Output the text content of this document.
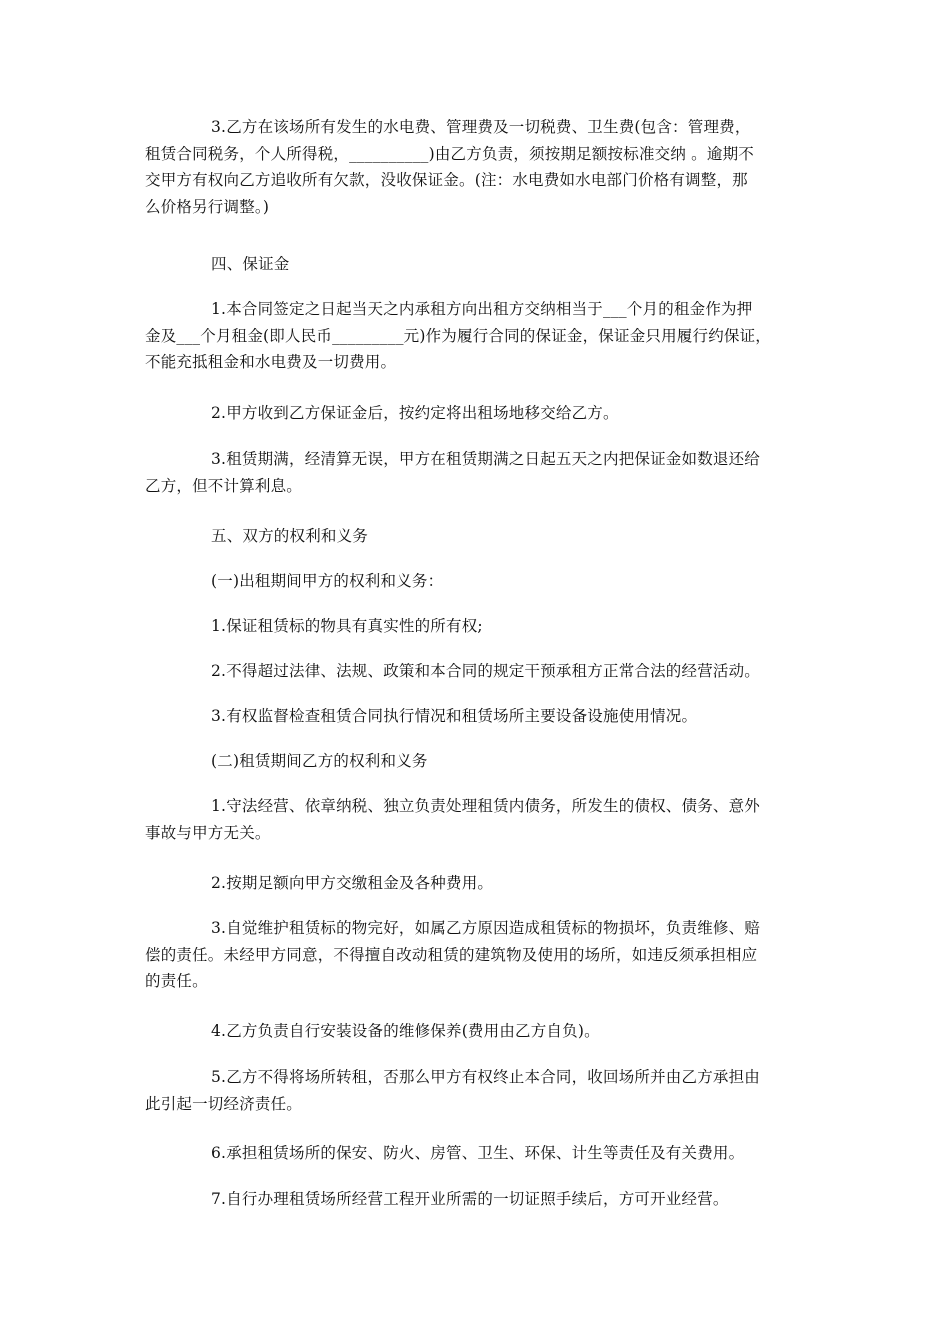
3.乙方在该场所有发生的水电费、管理费及一切税费、卫生费(包含：管理费，
租赁合同税务，个人所得税，__________)由乙方负责，须按期足额按标准交纳 。逾期不
交甲方有权向乙方追收所有欠款，没收保证金。(注：水电费如水电部门价格有调整，那
么价格另行调整。)

四、保证金

1.本合同签定之日起当天之内承租方向出租方交纳相当于___个月的租金作为押
金及___个月租金(即人民币_________元)作为履行合同的保证金，保证金只用履行约保证，
不能充抵租金和水电费及一切费用。

2.甲方收到乙方保证金后，按约定将出租场地移交给乙方。

3.租赁期满，经清算无误，甲方在租赁期满之日起五天之内把保证金如数退还给
乙方，但不计算利息。

五、双方的权利和义务

(一)出租期间甲方的权利和义务：

1.保证租赁标的物具有真实性的所有权;

2.不得超过法律、法规、政策和本合同的规定干预承租方正常合法的经营活动。

3.有权监督检查租赁合同执行情况和租赁场所主要设备设施使用情况。

(二)租赁期间乙方的权利和义务

1.守法经营、依章纳税、独立负责处理租赁内债务，所发生的债权、债务、意外
事故与甲方无关。

2.按期足额向甲方交缴租金及各种费用。

3.自觉维护租赁标的物完好，如属乙方原因造成租赁标的物损坏，负责维修、赔
偿的责任。未经甲方同意，不得擅自改动租赁的建筑物及使用的场所，如违反须承担相应
的责任。

4.乙方负责自行安装设备的维修保养(费用由乙方自负)。

5.乙方不得将场所转租，否那么甲方有权终止本合同，收回场所并由乙方承担由
此引起一切经济责任。

6.承担租赁场所的保安、防火、房管、卫生、环保、计生等责任及有关费用。

7.自行办理租赁场所经营工程开业所需的一切证照手续后，方可开业经营。
